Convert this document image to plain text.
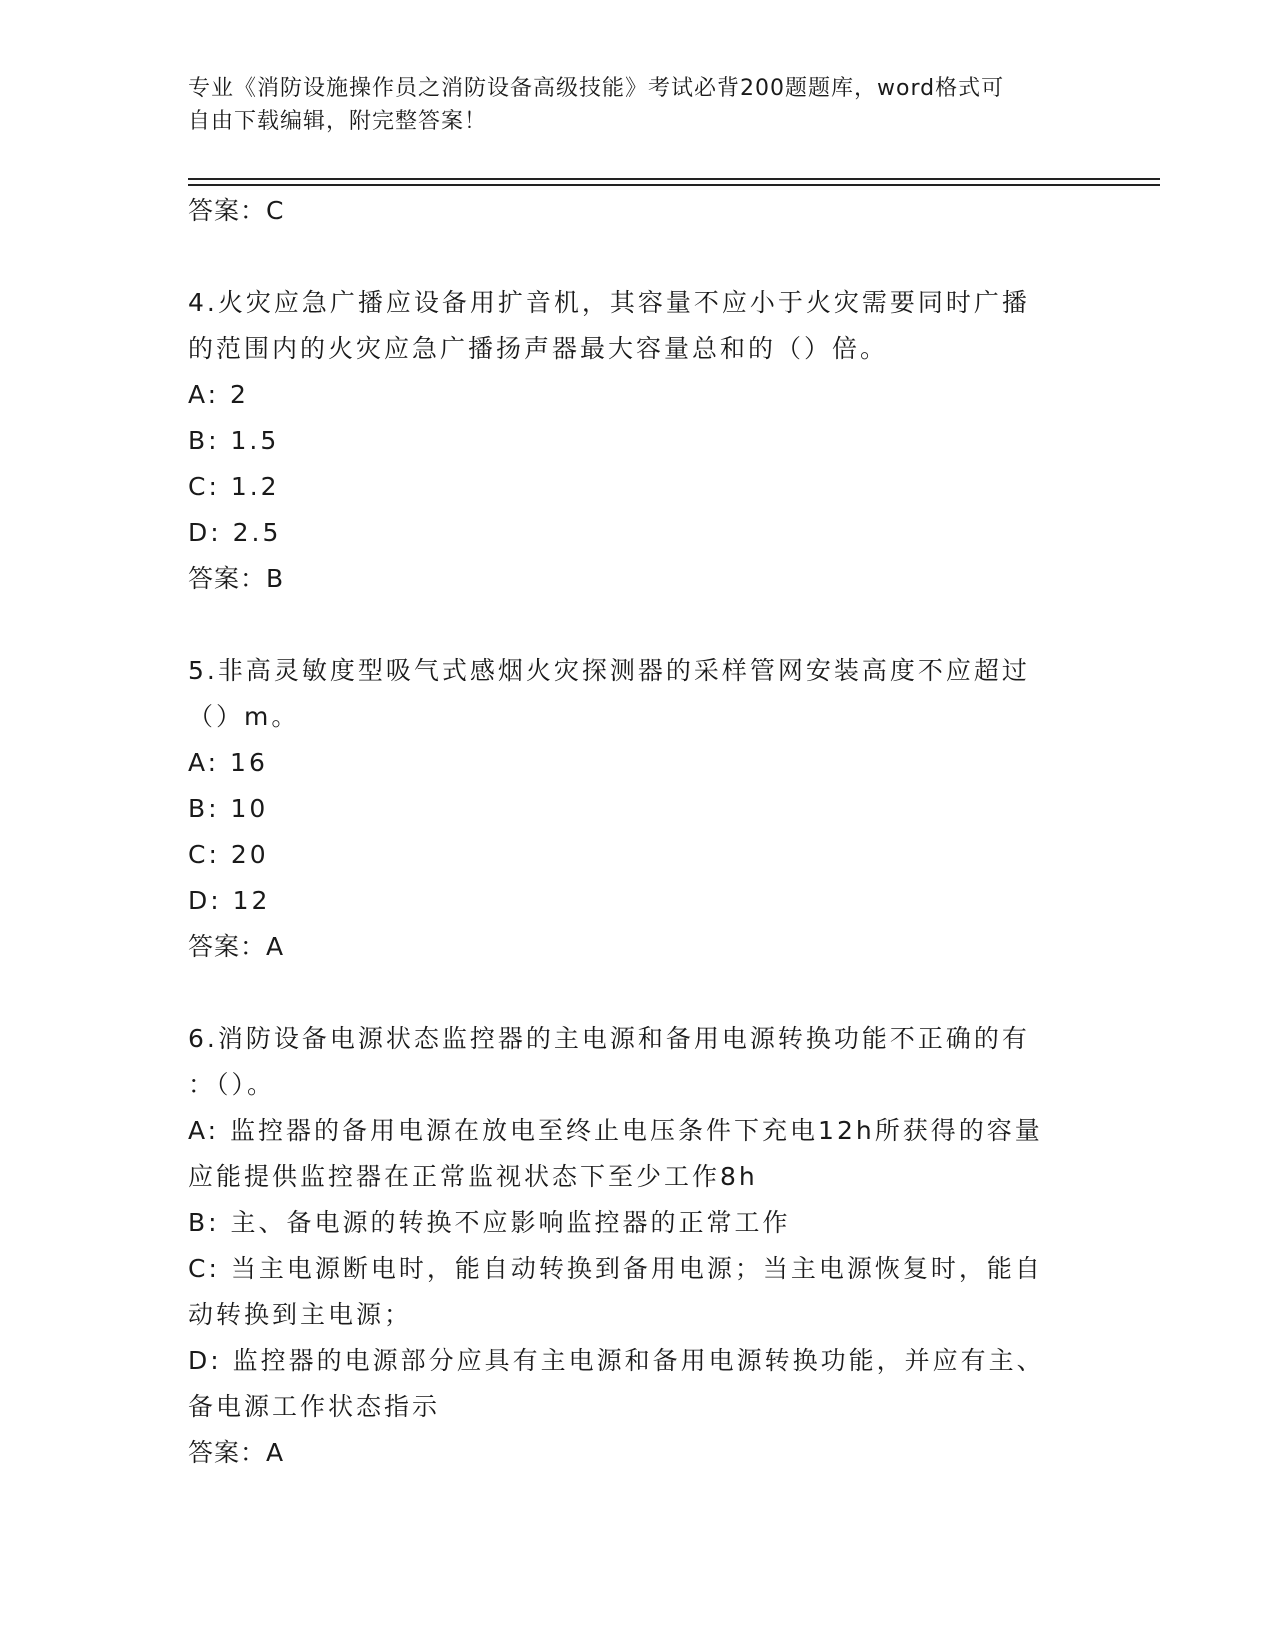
专业《消防设施操作员之消防设备高级技能》考试必背200题题库，word格式可
自由下载编辑，附完整答案！
答案：C
4.火灾应急广播应设备用扩音机，其容量不应小于火灾需要同时广播
的范围内的火灾应急广播扬声器最大容量总和的（）倍。
A: 2
B: 1.5
C: 1.2
D: 2.5
答案：B
5.非高灵敏度型吸气式感烟火灾探测器的采样管网安装高度不应超过
（）m。
A: 16
B: 10
C: 20
D: 12
答案：A
6.消防设备电源状态监控器的主电源和备用电源转换功能不正确的有
：（）。
A: 监控器的备用电源在放电至终止电压条件下充电12h所获得的容量
应能提供监控器在正常监视状态下至少工作8h
B: 主、备电源的转换不应影响监控器的正常工作
C: 当主电源断电时，能自动转换到备用电源；当主电源恢复时，能自
动转换到主电源；
D: 监控器的电源部分应具有主电源和备用电源转换功能，并应有主、
备电源工作状态指示
答案：A
